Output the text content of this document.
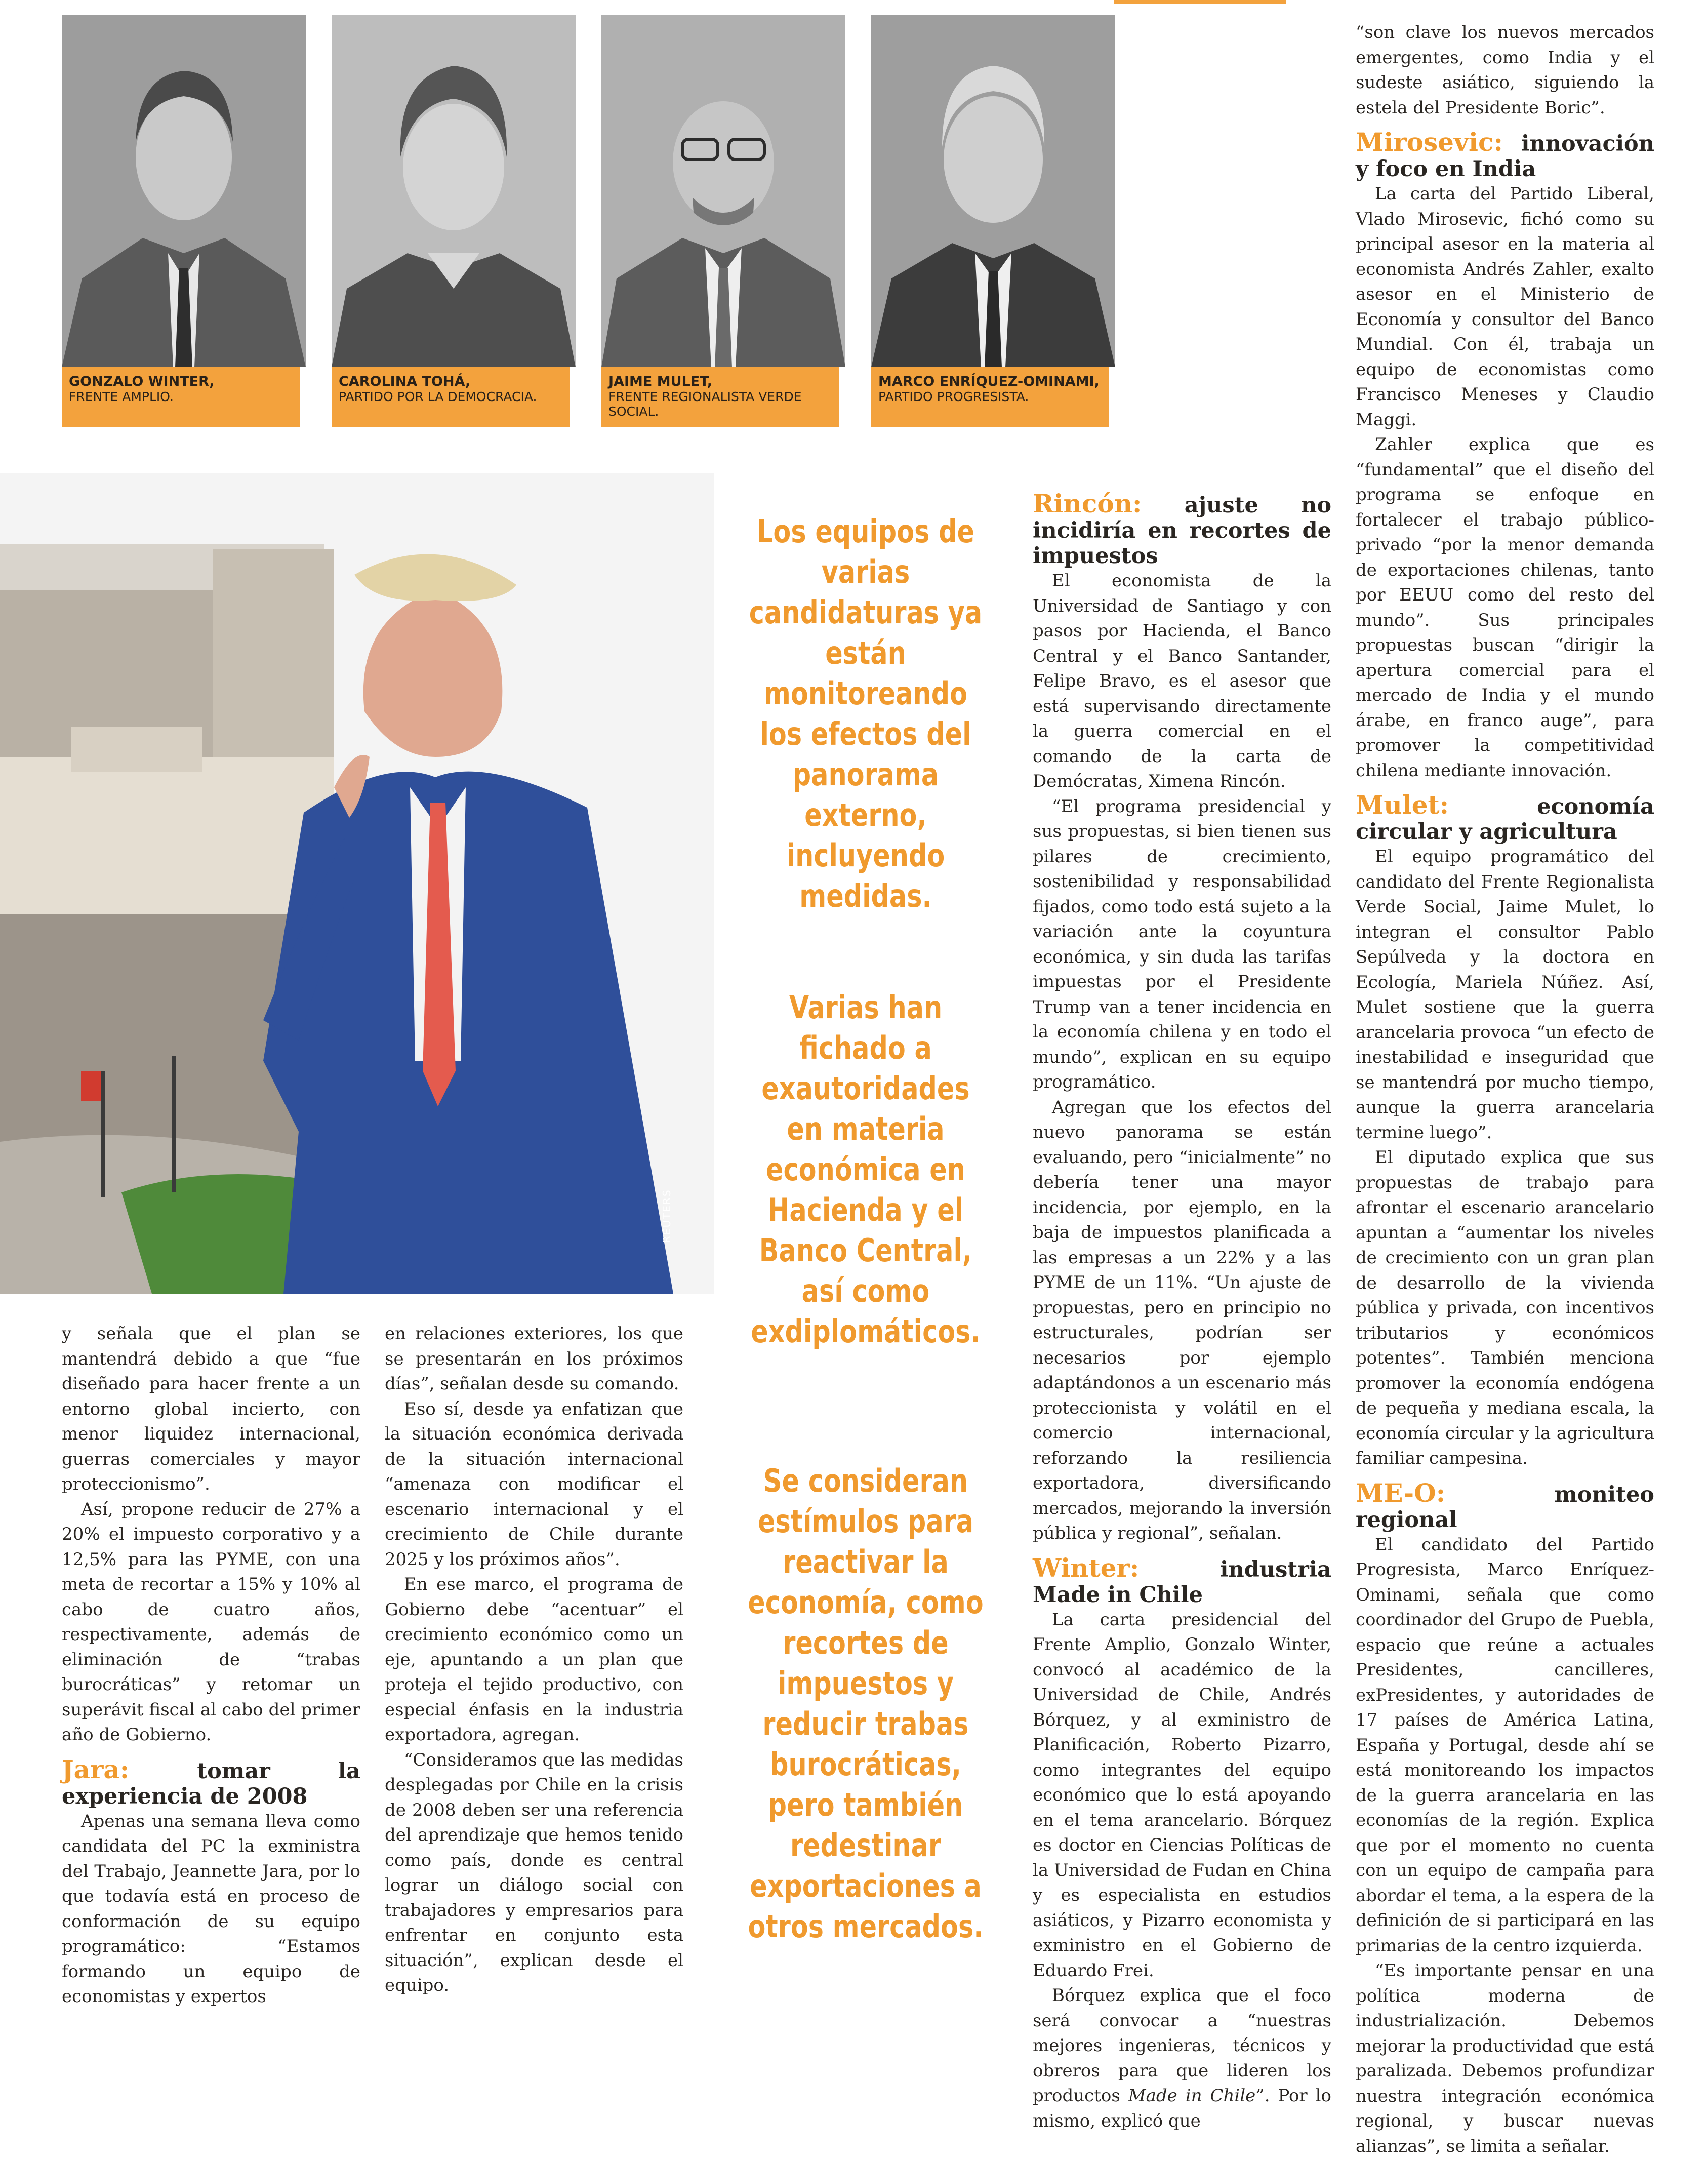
GONZALO WINTER,
FRENTE AMPLIO.
CAROLINA TOHÁ,
PARTIDO POR LA DEMOCRACIA.
JAIME MULET,
FRENTE REGIONALISTA VERDE SOCIAL.
MARCO ENRÍQUEZ-OMINAMI,
PARTIDO PROGRESISTA.
REUTERS
Los equipos de varias candidaturas ya están monitoreando los efectos del panorama externo, incluyendo medidas.
Varias han fichado a exautoridades en materia económica en Hacienda y el Banco Central, así como exdiplomáticos.
Se consideran estímulos para reactivar la economía, como recortes de impuestos y reducir trabas burocráticas, pero también redestinar exportaciones a otros mercados.

y señala que el plan se mantendrá debido a que “fue diseñado para hacer frente a un entorno global incierto, con menor liquidez internacional, guerras comerciales y mayor proteccionismo”.

Así, propone reducir de 27% a 20% el impuesto corporativo y a 12,5% para las PYME, con una meta de recortar a 15% y 10% al cabo de cuatro años, respectivamente, además de eliminación de “trabas burocráticas” y retomar un superávit fiscal al cabo del primer año de Gobierno.

Jara:	tomar la experiencia de 2008

Apenas una semana lleva como candidata del PC la exministra del Trabajo, Jeannette Jara, por lo que todavía está en proceso de conformación de su equipo programático: “Estamos formando un equipo de economistas y expertos

en relaciones exteriores, los que se presentarán en los próximos días”, señalan desde su comando.

Eso sí, desde ya enfatizan que la situación económica derivada de la situación internacional “amenaza con modificar el escenario internacional y el crecimiento de Chile durante 2025 y los próximos años”.

En ese marco, el programa de Gobierno debe “acentuar” el crecimiento económico como un eje, apuntando a un plan que proteja el tejido productivo, con especial énfasis en la industria exportadora, agregan.

“Consideramos que las medidas desplegadas por Chile en la crisis de 2008 deben ser una referencia del aprendizaje que hemos tenido como país, donde es central lograr un diálogo social con trabajadores y empresarios para enfrentar en conjunto esta situación”, explican desde el equipo.

Rincón: ajuste no incidiría en recortes de impuestos

El economista de la Universidad de Santiago y con pasos por Hacienda, el Banco Central y el Banco Santander, Felipe Bravo, es el asesor que está supervisando directamente la guerra comercial en el comando de la carta de Demócratas, Ximena Rincón.

“El programa presidencial y sus propuestas, si bien tienen sus pilares de crecimiento, sostenibilidad y responsabilidad fijados, como todo está sujeto a la variación ante la coyuntura económica, y sin duda las tarifas impuestas por el Presidente Trump van a tener incidencia en la economía chilena y en todo el mundo”, explican en su equipo programático.

Agregan que los efectos del nuevo panorama se están evaluando, pero “inicialmente” no debería tener una mayor incidencia, por ejemplo, en la baja de impuestos planificada a las empresas a un 22% y a las PYME de un 11%. “Un ajuste de propuestas, pero en principio no estructurales, podrían ser necesarios por ejemplo adaptándonos a un escenario más proteccionista y volátil en el comercio internacional, reforzando la resiliencia exportadora, diversificando mercados, mejorando la inversión pública y regional”, señalan.

Winter:	industria Made in Chile

La carta presidencial del Frente Amplio, Gonzalo Winter, convocó al académico de la Universidad de Chile, Andrés Bórquez, y al exministro de Planificación, Roberto Pizarro, como integrantes del equipo económico que lo está apoyando en el tema arancelario. Bórquez es doctor en Ciencias Políticas de la Universidad de Fudan en China y es especialista en estudios asiáticos, y Pizarro economista y exministro en el Gobierno de Eduardo Frei.

Bórquez explica que el foco será convocar a “nuestras mejores ingenieras, técnicos y obreros para que lideren los productos Made in Chile”. Por lo mismo, explicó que

“son clave los nuevos mercados emergentes, como India y el sudeste asiático, siguiendo la estela del Presidente Boric”.

Mirosevic: innovación y foco en India

La carta del Partido Liberal, Vlado Mirosevic, fichó como su principal asesor en la materia al economista Andrés Zahler, exalto asesor en el Ministerio de Economía y consultor del Banco Mundial. Con él, trabaja un equipo de economistas como Francisco Meneses y Claudio Maggi.

Zahler explica que es “fundamental” que el diseño del programa se enfoque en fortalecer el trabajo público-privado “por la menor demanda de exportaciones chilenas, tanto por EEUU como del resto del mundo”. Sus principales propuestas buscan “dirigir la apertura comercial para el mercado de India y el mundo árabe, en franco auge”, para promover la competitividad chilena mediante innovación.

Mulet:	economía circular y agricultura

El equipo programático del candidato del Frente Regionalista Verde Social, Jaime Mulet, lo integran el consultor Pablo Sepúlveda y la doctora en Ecología, Mariela Núñez. Así, Mulet sostiene que la guerra arancelaria provoca “un efecto de inestabilidad e inseguridad que se mantendrá por mucho tiempo, aunque la guerra arancelaria termine luego”.

El diputado explica que sus propuestas de trabajo para afrontar el escenario arancelario apuntan a “aumentar los niveles de crecimiento con un gran plan de desarrollo de la vivienda pública y privada, con incentivos tributarios y económicos potentes”. También menciona promover la economía endógena de pequeña y mediana escala, la economía circular y la agricultura familiar campesina.

ME-O:	moniteo regional

El candidato del Partido Progresista, Marco Enríquez-Ominami, señala que como coordinador del Grupo de Puebla, espacio que reúne a actuales Presidentes, cancilleres, exPresidentes, y autoridades de 17 países de América Latina, España y Portugal, desde ahí se está monitoreando los impactos de la guerra arancelaria en las economías de la región. Explica que por el momento no cuenta con un equipo de campaña para abordar el tema, a la espera de la definición de si participará en las primarias de la centro izquierda.

“Es importante pensar en una política moderna de industrialización. Debemos mejorar la productividad que está paralizada. Debemos profundizar nuestra integración económica regional, y buscar nuevas alianzas”, se limita a señalar.
